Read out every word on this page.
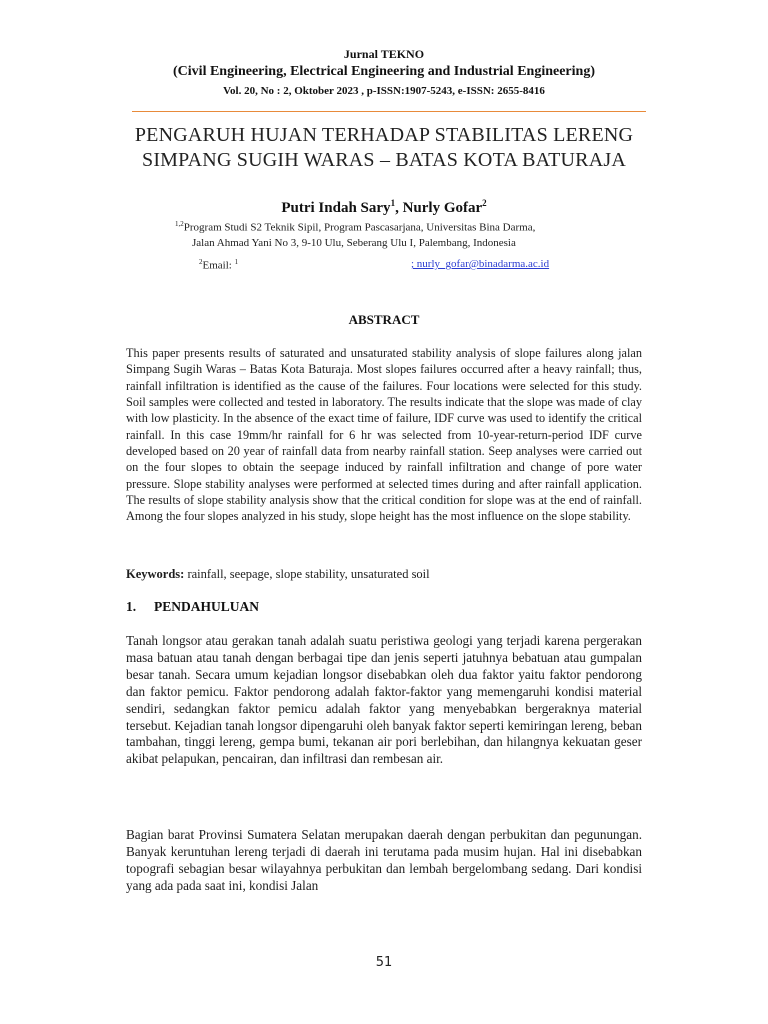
Jurnal TEKNO
(Civil Engineering, Electrical Engineering and Industrial Engineering)
Vol. 20, No : 2, Oktober 2023 , p-ISSN:1907-5243, e-ISSN: 2655-8416
PENGARUH HUJAN TERHADAP STABILITAS LERENG
SIMPANG SUGIH WARAS – BATAS KOTA BATURAJA
Putri Indah Sary$^1$, Nurly Gofar$^2$
$^{1,2}$Program Studi S2 Teknik Sipil, Program Pascasarjana, Universitas Bina Darma,
Jalan Ahmad Yani No 3, 9-10 Ulu, Seberang Ulu I, Palembang, Indonesia
$^2$Email: $^1$	; nurly_gofar@binadarma.ac.id
ABSTRACT

This paper presents results of saturated and unsaturated stability analysis of slope failures along jalan Simpang Sugih Waras – Batas Kota Baturaja. Most slopes failures occurred after a heavy rainfall; thus, rainfall infiltration is identified as the cause of the failures. Four locations were selected for this study. Soil samples were collected and tested in laboratory. The results indicate that the slope was made of clay with low plasticity. In the absence of the exact time of failure, IDF curve was used to identify the critical rainfall. In this case 19mm/hr rainfall for 6 hr was selected from 10-year-return-period IDF curve developed based on 20 year of rainfall data from nearby rainfall station. Seep analyses were carried out on the four slopes to obtain the seepage induced by rainfall infiltration and change of pore water pressure. Slope stability analyses were performed at selected times during and after rainfall application. The results of slope stability analysis show that the critical condition for slope was at the end of rainfall. Among the four slopes analyzed in his study, slope height has the most influence on the slope stability.

Keywords: rainfall, seepage, slope stability, unsaturated soil
1. PENDAHULUAN

Tanah longsor atau gerakan tanah adalah suatu peristiwa geologi yang terjadi karena pergerakan masa batuan atau tanah dengan berbagai tipe dan jenis seperti jatuhnya bebatuan atau gumpalan besar tanah. Secara umum kejadian longsor disebabkan oleh dua faktor yaitu faktor pendorong dan faktor pemicu. Faktor pendorong adalah faktor-faktor yang memengaruhi kondisi material sendiri, sedangkan faktor pemicu adalah faktor yang menyebabkan bergeraknya material tersebut. Kejadian tanah longsor dipengaruhi oleh banyak faktor seperti kemiringan lereng, beban tambahan, tinggi lereng, gempa bumi, tekanan air pori berlebihan, dan hilangnya kekuatan geser akibat pelapukan, pencairan, dan infiltrasi dan rembesan air.

Bagian barat Provinsi Sumatera Selatan merupakan daerah dengan perbukitan dan pegunungan. Banyak keruntuhan lereng terjadi di daerah ini terutama pada musim hujan. Hal ini disebabkan topografi sebagian besar wilayahnya perbukitan dan lembah bergelombang sedang. Dari kondisi yang ada pada saat ini, kondisi Jalan

51
